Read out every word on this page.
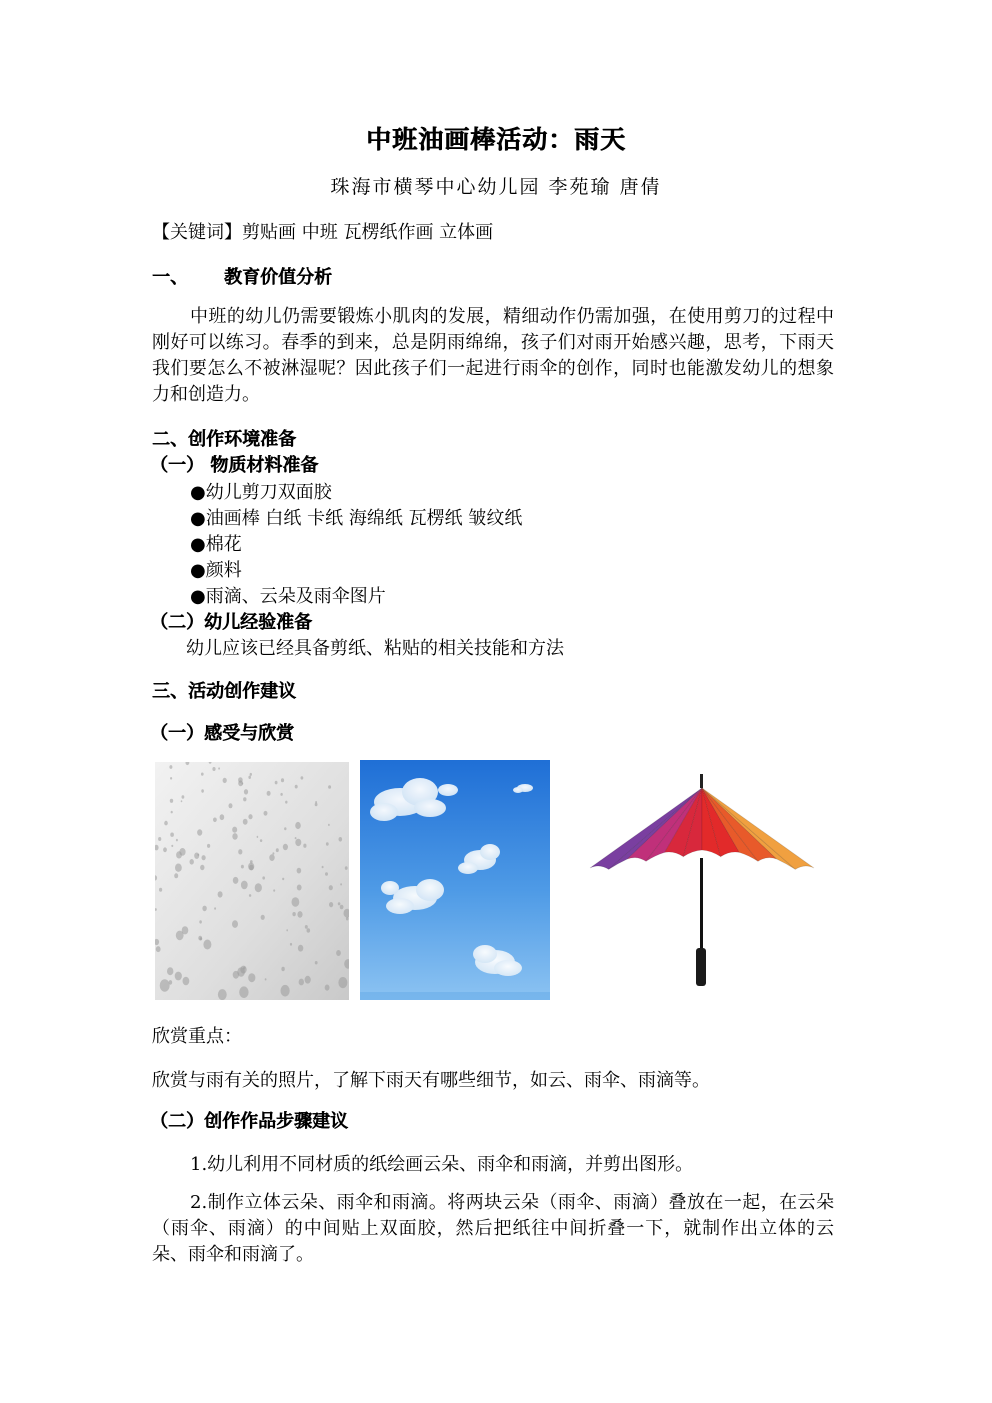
中班油画棒活动：雨天
珠海市横琴中心幼儿园 李苑瑜 唐倩
【关键词】剪贴画 中班 瓦楞纸作画 立体画
一、 教育价值分析
中班的幼儿仍需要锻炼小肌肉的发展，精细动作仍需加强，在使用剪刀的过程中刚好可以练习。春季的到来，总是阴雨绵绵，孩子们对雨开始感兴趣，思考，下雨天我们要怎么不被淋湿呢？因此孩子们一起进行雨伞的创作，同时也能激发幼儿的想象力和创造力。
二、创作环境准备
（一） 物质材料准备
●幼儿剪刀双面胶
●油画棒 白纸 卡纸 海绵纸 瓦楞纸 皱纹纸
●棉花
●颜料
●雨滴、云朵及雨伞图片
（二）幼儿经验准备
幼儿应该已经具备剪纸、粘贴的相关技能和方法
三、活动创作建议
（一）感受与欣赏
欣赏重点：
欣赏与雨有关的照片，了解下雨天有哪些细节，如云、雨伞、雨滴等。
（二）创作作品步骤建议
1.幼儿利用不同材质的纸绘画云朵、雨伞和雨滴，并剪出图形。
2.制作立体云朵、雨伞和雨滴。将两块云朵（雨伞、雨滴）叠放在一起，在云朵（雨伞、雨滴）的中间贴上双面胶，然后把纸往中间折叠一下，就制作出立体的云朵、雨伞和雨滴了。
